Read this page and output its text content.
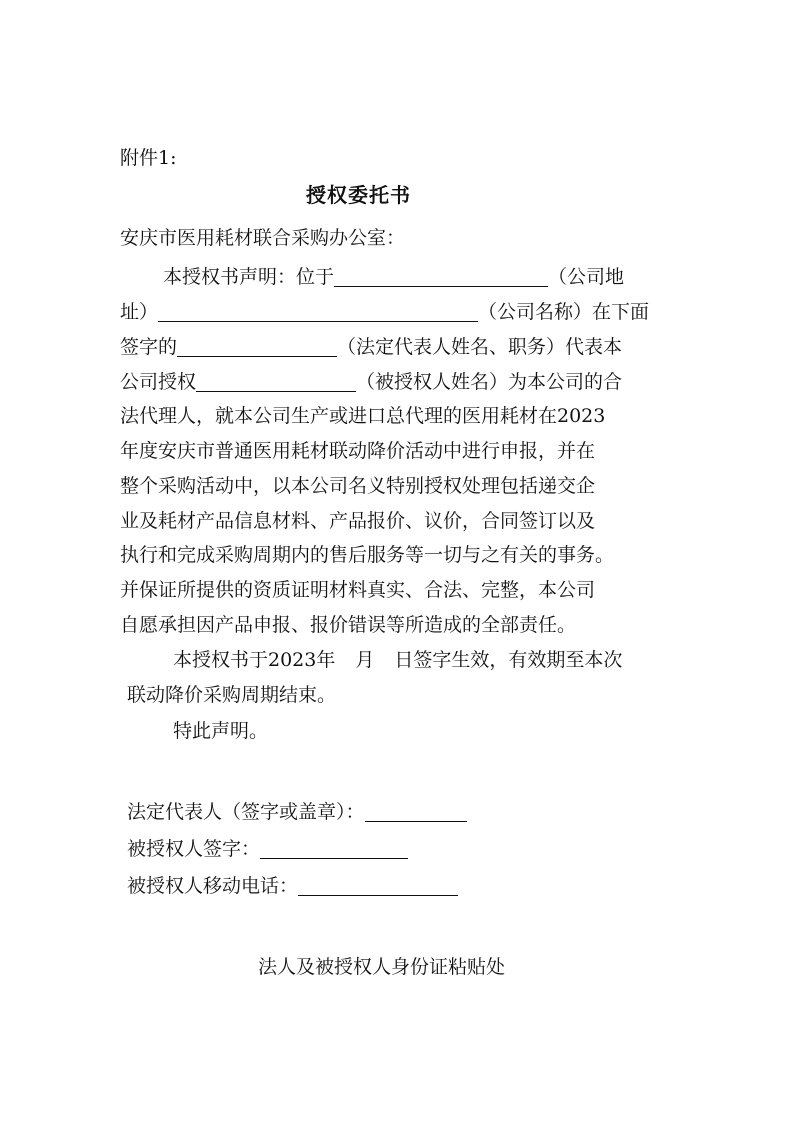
附件1:
授权委托书
安庆市医用耗材联合采购办公室：
本授权书声明：位于	（公司地
址）	（公司名称）在下面
签字的	（法定代表人姓名、职务）代表本
公司授权	（被授权人姓名）为本公司的合
法代理人，就本公司生产或进口总代理的医用耗材在2023
年度安庆市普通医用耗材联动降价活动中进行申报，并在
整个采购活动中，以本公司名义特别授权处理包括递交企
业及耗材产品信息材料、产品报价、议价，合同签订以及
执行和完成采购周期内的售后服务等一切与之有关的事务。
并保证所提供的资质证明材料真实、合法、完整，本公司
自愿承担因产品申报、报价错误等所造成的全部责任。
本授权书于2023年 月 日签字生效，有效期至本次
联动降价采购周期结束。
特此声明。
法定代表人（签字或盖章）：
被授权人签字：
被授权人移动电话：
法人及被授权人身份证粘贴处
